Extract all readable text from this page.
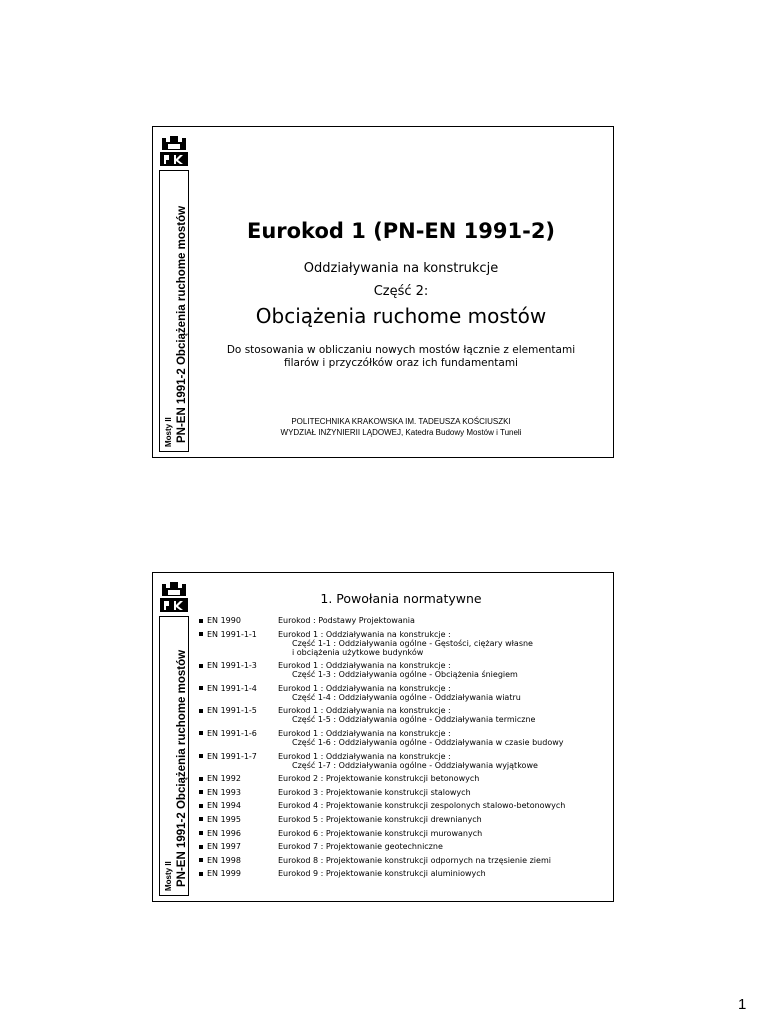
Mosty II PN-EN 1991-2 Obciążenia ruchome mostów	Eurokod 1 (PN-EN 1991-2)
Oddziaływania na konstrukcje
Część 2:
Obciążenia ruchome mostów
Do stosowania w obliczaniu nowych mostów łącznie z elementami
filarów i przyczółków oraz ich fundamentami
POLITECHNIKA KRAKOWSKA IM. TADEUSZA KOŚCIUSZKI
WYDZIAŁ INŻYNIERII LĄDOWEJ, Katedra Budowy Mostów i Tuneli
Mosty II PN-EN 1991-2 Obciążenia ruchome mostów
1. Powołania normatywne
EN 1990	Eurokod : Podstawy Projektowania
EN 1991-1-1	Eurokod 1 : Oddziaływania na konstrukcje :
Część 1-1 : Oddziaływania ogólne - Gęstości, ciężary własne
i obciążenia użytkowe budynków
EN 1991-1-3	Eurokod 1 : Oddziaływania na konstrukcje :
Część 1-3 : Oddziaływania ogólne - Obciążenia śniegiem
EN 1991-1-4	Eurokod 1 : Oddziaływania na konstrukcje :
Część 1-4 : Oddziaływania ogólne - Oddziaływania wiatru
EN 1991-1-5	Eurokod 1 : Oddziaływania na konstrukcje :
Część 1-5 : Oddziaływania ogólne - Oddziaływania termiczne
EN 1991-1-6	Eurokod 1 : Oddziaływania na konstrukcje :
Część 1-6 : Oddziaływania ogólne - Oddziaływania w czasie budowy
EN 1991-1-7	Eurokod 1 : Oddziaływania na konstrukcje :
Część 1-7 : Oddziaływania ogólne - Oddziaływania wyjątkowe
EN 1992	Eurokod 2 : Projektowanie konstrukcji betonowych
EN 1993	Eurokod 3 : Projektowanie konstrukcji stalowych
EN 1994	Eurokod 4 : Projektowanie konstrukcji zespolonych stalowo-betonowych
EN 1995	Eurokod 5 : Projektowanie konstrukcji drewnianych
EN 1996	Eurokod 6 : Projektowanie konstrukcji murowanych
EN 1997	Eurokod 7 : Projektowanie geotechniczne
EN 1998	Eurokod 8 : Projektowanie konstrukcji odpornych na trzęsienie ziemi
EN 1999	Eurokod 9 : Projektowanie konstrukcji aluminiowych
1
